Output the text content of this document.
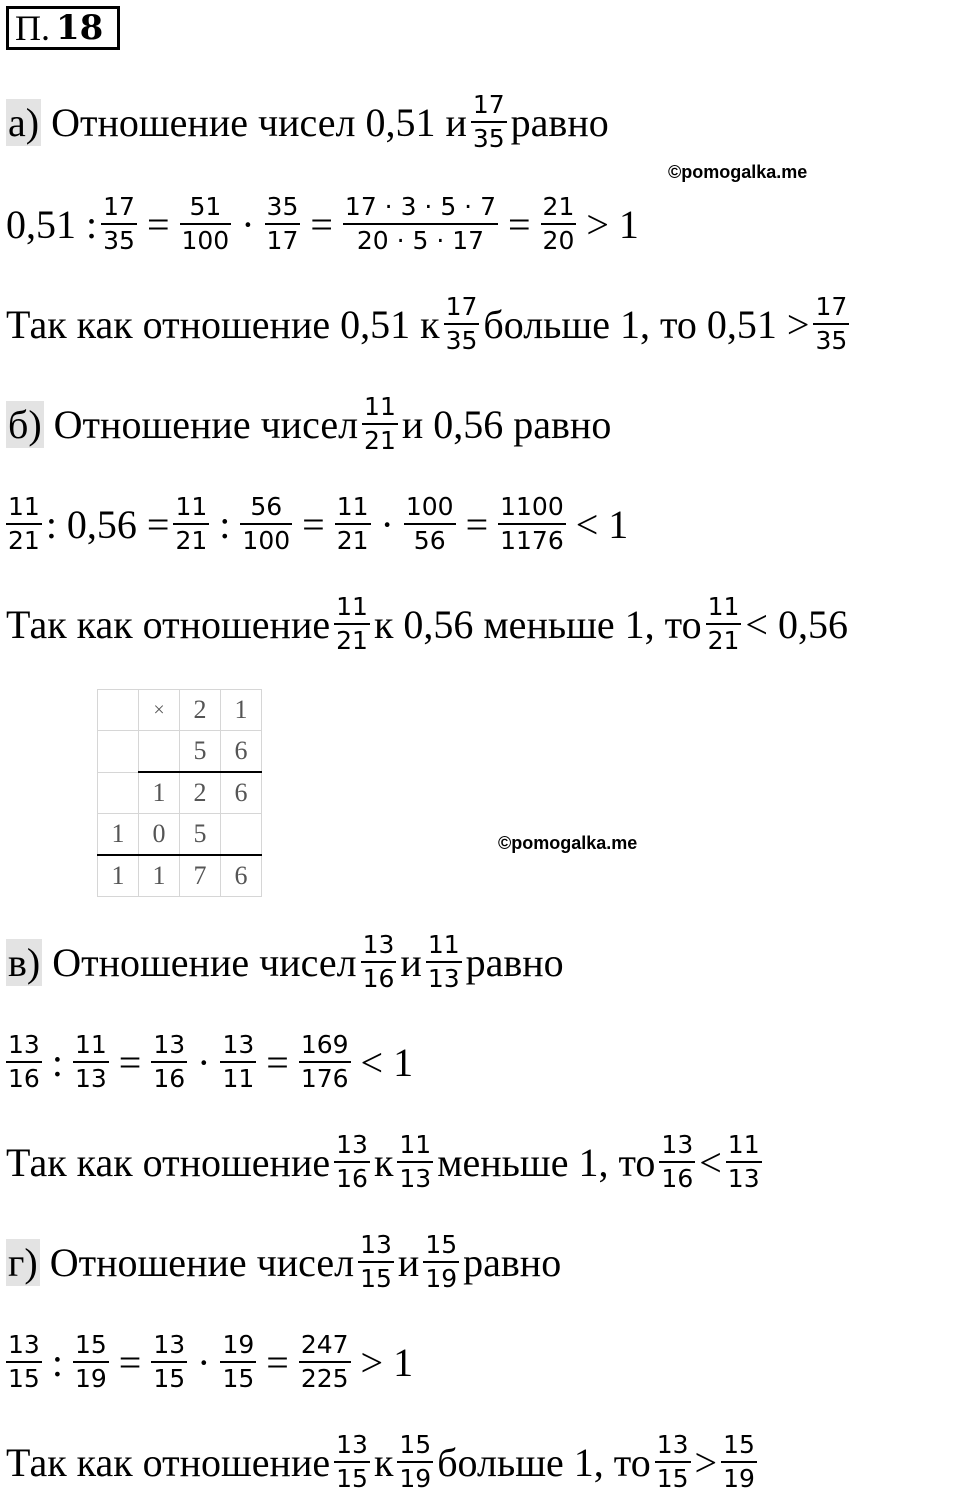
П. 18
а)
Отношение чисел 0,51 и $\frac{17}{35}$ равно
©pomogalka.me
0,51 : $\frac{17}{35} = \frac{51}{100} \cdot \frac{35}{17} = \frac{17 \cdot 3 \cdot 5 \cdot 7}{20 \cdot 5 \cdot 17} = \frac{21}{20} > 1$
Так как отношение 0,51 к $\frac{17}{35}$ больше 1, то $0,51 > \frac{17}{35}$
б)
Отношение чисел $\frac{11}{21}$ и 0,56 равно
$\frac{11}{21}$ : $0,56 = \frac{11}{21}$ : $\frac{56}{100} = \frac{11}{21} \cdot \frac{100}{56} = \frac{1100}{1176} < 1$
Так как отношение $\frac{11}{21}$ к 0,56 меньше 1, то $\frac{11}{21} < 0,56$
	×	2	1
		5	6
	1	2	6
1	0	5	
1	1	7	6
©pomogalka.me
в)
Отношение чисел $\frac{13}{16}$ и $\frac{11}{13}$ равно
$\frac{13}{16}$ : $\frac{11}{13} = \frac{13}{16} \cdot \frac{13}{11} = \frac{169}{176} < 1$
Так как отношение $\frac{13}{16}$ к $\frac{11}{13}$ меньше 1, то $\frac{13}{16} < \frac{11}{13}$
г)
Отношение чисел $\frac{13}{15}$ и $\frac{15}{19}$ равно
$\frac{13}{15}$ : $\frac{15}{19} = \frac{13}{15} \cdot \frac{19}{15} = \frac{247}{225} > 1$
Так как отношение $\frac{13}{15}$ к $\frac{15}{19}$ больше 1, то $\frac{13}{15} > \frac{15}{19}$
